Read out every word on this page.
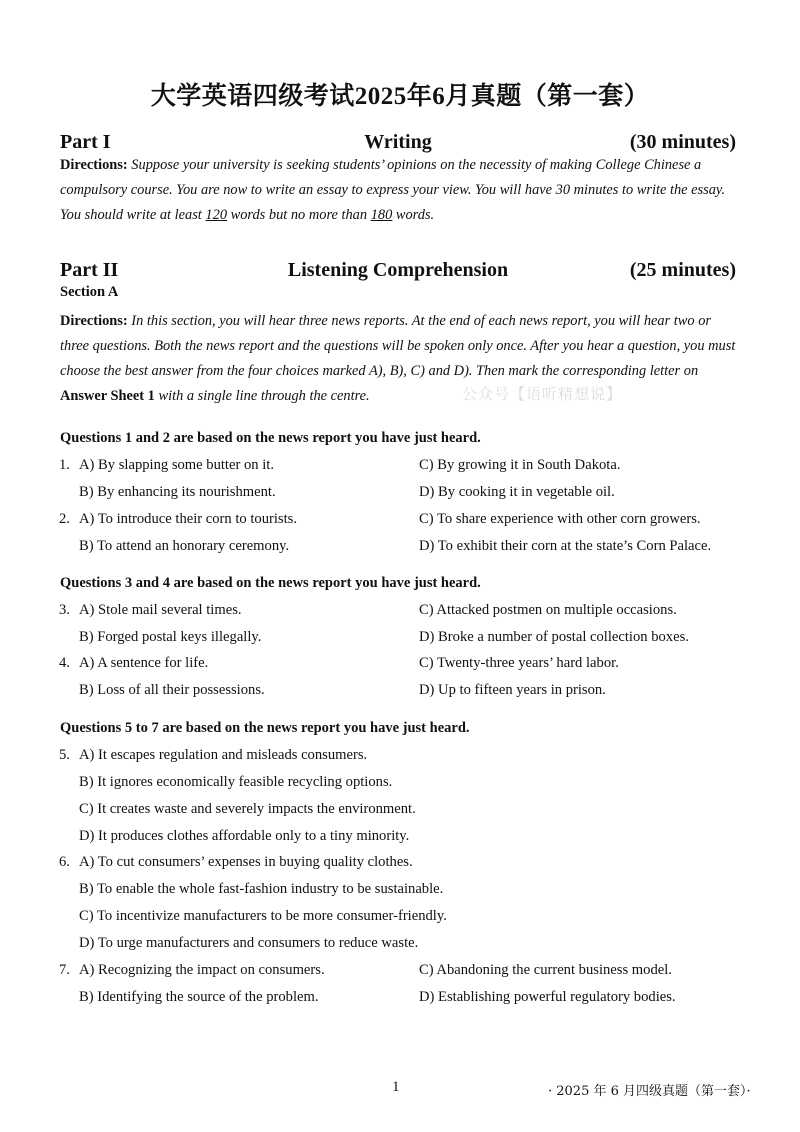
大学英语四级考试2025年6月真题（第一套）
Part I	Writing	(30 minutes)
Directions: Suppose your university is seeking students’ opinions on the necessity of making College Chinese a compulsory course. You are now to write an essay to express your view. You will have 30 minutes to write the essay. You should write at least 120 words but no more than 180 words.
Part II	Listening Comprehension	(25 minutes)
Section A
公众号【语听精想说】
Directions: In this section, you will hear three news reports. At the end of each news report, you will hear two or three questions. Both the news report and the questions will be spoken only once. After you hear a question, you must choose the best answer from the four choices marked A), B), C) and D). Then mark the corresponding letter on Answer Sheet 1 with a single line through the centre.
Questions 1 and 2 are based on the news report you have just heard.
1. A) By slapping some butter on it.	C) By growing it in South Dakota.
B) By enhancing its nourishment.	D) By cooking it in vegetable oil.
2. A) To introduce their corn to tourists.	C) To share experience with other corn growers.
B) To attend an honorary ceremony.	D) To exhibit their corn at the state’s Corn Palace.
Questions 3 and 4 are based on the news report you have just heard.
3. A) Stole mail several times.	C) Attacked postmen on multiple occasions.
B) Forged postal keys illegally.	D) Broke a number of postal collection boxes.
4. A) A sentence for life.	C) Twenty-three years’ hard labor.
B) Loss of all their possessions.	D) Up to fifteen years in prison.
Questions 5 to 7 are based on the news report you have just heard.
5. A) It escapes regulation and misleads consumers.
B) It ignores economically feasible recycling options.
C) It creates waste and severely impacts the environment.
D) It produces clothes affordable only to a tiny minority.
6. A) To cut consumers’ expenses in buying quality clothes.
B) To enable the whole fast-fashion industry to be sustainable.
C) To incentivize manufacturers to be more consumer-friendly.
D) To urge manufacturers and consumers to reduce waste.
7. A) Recognizing the impact on consumers.	C) Abandoning the current business model.
B) Identifying the source of the problem.	D) Establishing powerful regulatory bodies.
1	· 2025 年 6 月四级真题（第一套）·
